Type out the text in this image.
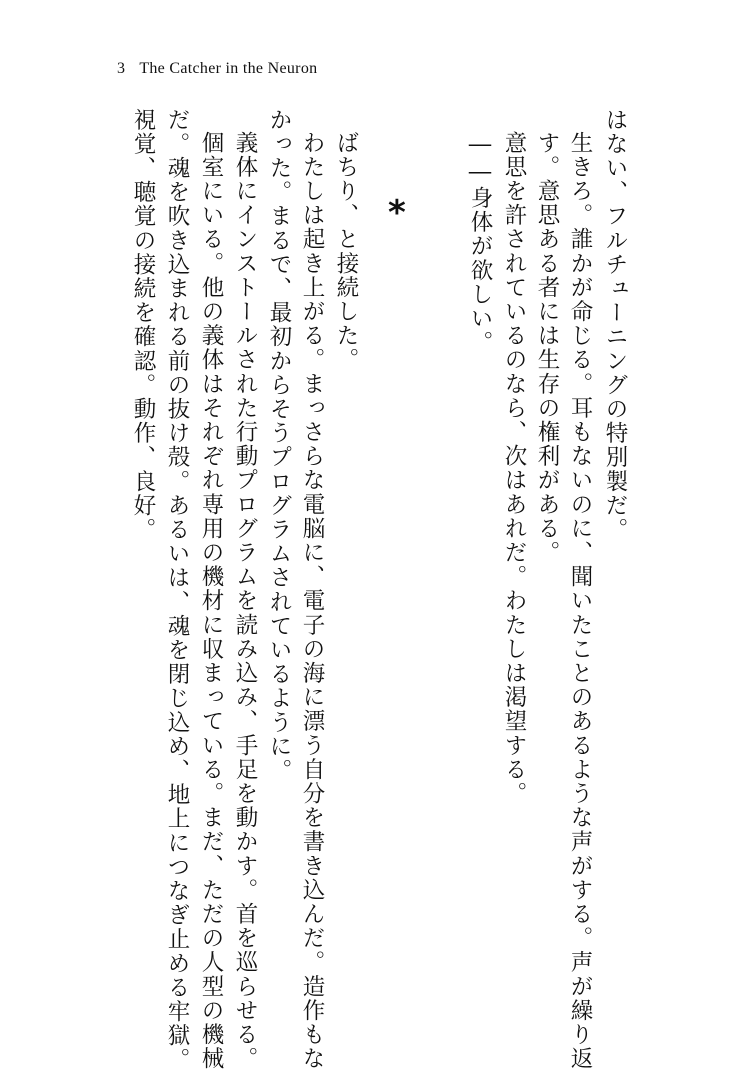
3 The Catcher in the Neuron
はない、フルチューニングの特別製だ。
生きろ。誰かが命じる。耳もないのに、聞いたことのあるような声がする。声が繰り返
す。意思ある者には生存の権利がある。
意思を許されているのなら、次はあれだ。わたしは渇望する。
――身体が欲しい。
*
ばちり、と接続した。
わたしは起き上がる。まっさらな電脳に、電子の海に漂う自分を書き込んだ。造作もな
かった。まるで、最初からそうプログラムされているように。
義体にインストールされた行動プログラムを読み込み、手足を動かす。首を巡らせる。
個室にいる。他の義体はそれぞれ専用の機材に収まっている。まだ、ただの人型の機械
だ。魂を吹き込まれる前の抜け殻。あるいは、魂を閉じ込め、地上につなぎ止める牢獄。
視覚、聴覚の接続を確認。動作、良好。
